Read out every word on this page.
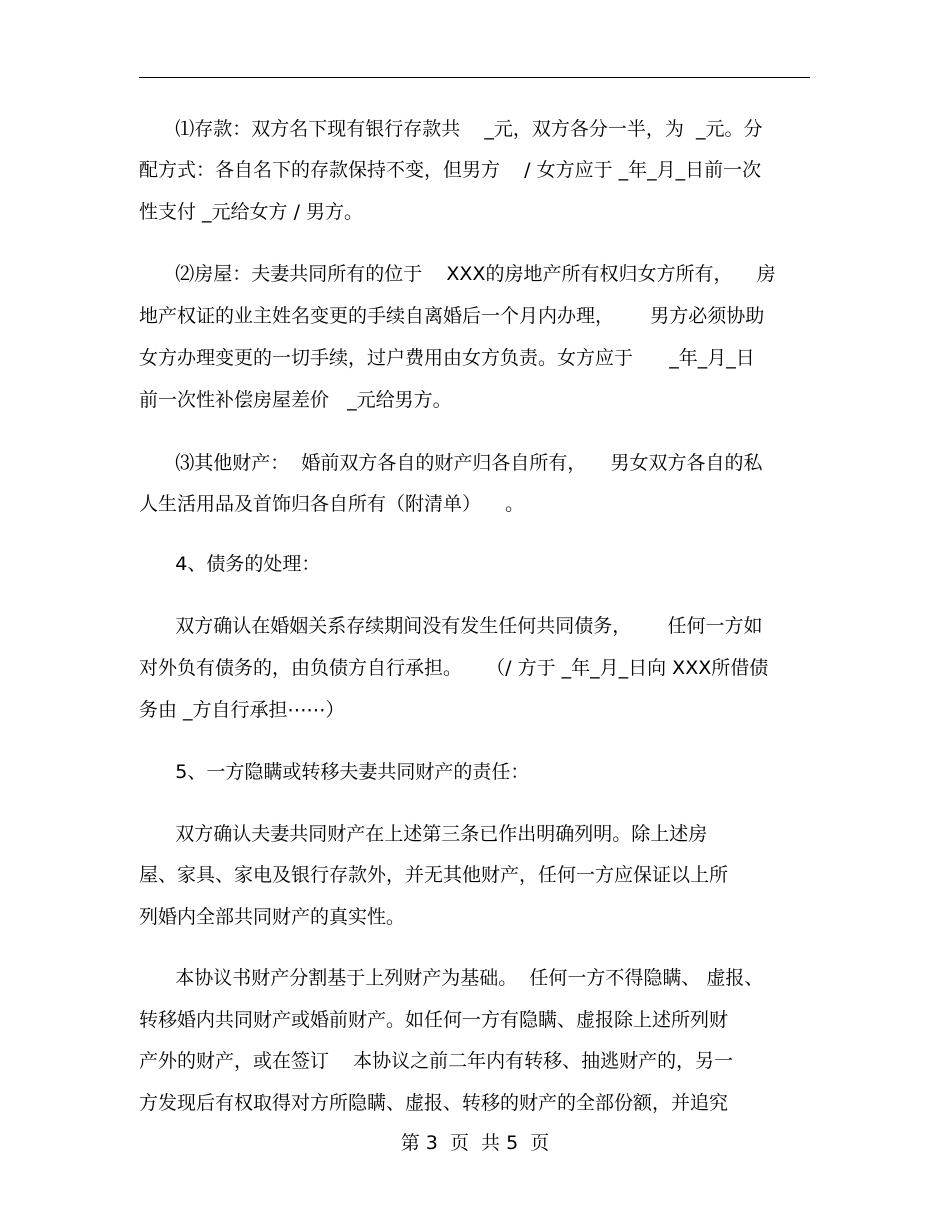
⑴存款：双方名下现有银行存款共    _元，双方各分一半，为  _元。分
配方式：各自名下的存款保持不变，但男方    / 女方应于 _年_月_日前一次
性支付 _元给女方 / 男方。
⑵房屋：夫妻共同所有的位于    XXX的房地产所有权归女方所有，    房
地产权证的业主姓名变更的手续自离婚后一个月内办理，      男方必须协助
女方办理变更的一切手续，过户费用由女方负责。女方应于      _年_月_日
前一次性补偿房屋差价   _元给男方。
⑶其他财产：  婚前双方各自的财产归各自所有，    男女双方各自的私
人生活用品及首饰归各自所有（附清单）    。
4、债务的处理：
双方确认在婚姻关系存续期间没有发生任何共同债务，      任何一方如
对外负有债务的，由负债方自行承担。    （/ 方于 _年_月_日向 XXX所借债
务由 _方自行承担⋯⋯）
5、一方隐瞒或转移夫妻共同财产的责任：
双方确认夫妻共同财产在上述第三条已作出明确列明。除上述房
屋、家具、家电及银行存款外，并无其他财产，任何一方应保证以上所
列婚内全部共同财产的真实性。
本协议书财产分割基于上列财产为基础。  任何一方不得隐瞒、 虚报、
转移婚内共同财产或婚前财产。如任何一方有隐瞒、虚报除上述所列财
产外的财产，或在签订    本协议之前二年内有转移、抽逃财产的，另一
方发现后有权取得对方所隐瞒、虚报、转移的财产的全部份额，并追究
第 3  页  共 5  页
